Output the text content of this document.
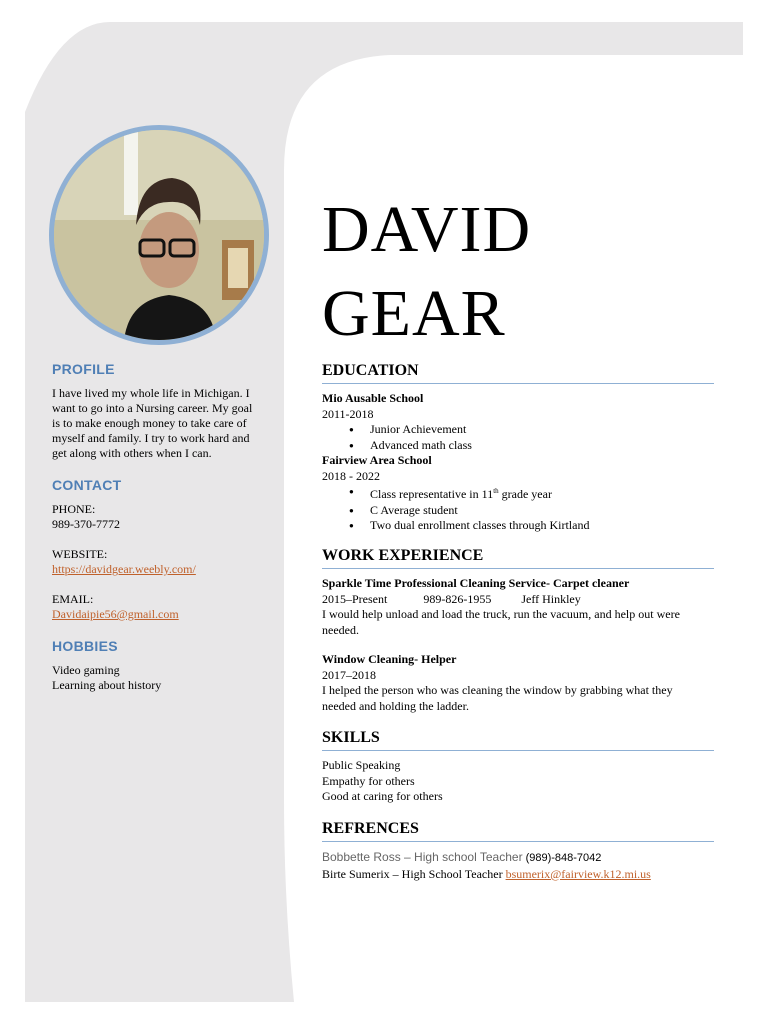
PROFILE
I have lived my whole life in Michigan. I
want to go into a Nursing career. My goal
is to make enough money to take care of
myself and family. I try to work hard and
get along with others when I can.
CONTACT
PHONE:
989-370-7772
WEBSITE:
https://davidgear.weebly.com/
EMAIL:
Davidaipie56@gmail.com
HOBBIES
Video gaming
Learning about history
DAVID
GEAR
EDUCATION
Mio Ausable School
2011-2018
● Junior Achievement
● Advanced math class
Fairview Area School
2018 - 2022
● Class representative in 11th grade year
● C Average student
● Two dual enrollment classes through Kirtland
WORK EXPERIENCE
Sparkle Time Professional Cleaning Service- Carpet cleaner
2015–Present	989-826-1955	Jeff Hinkley
I would help unload and load the truck, run the vacuum, and help out were
needed.
Window Cleaning- Helper
2017–2018
I helped the person who was cleaning the window by grabbing what they
needed and holding the ladder.
SKILLS
Public Speaking
Empathy for others
Good at caring for others
REFRENCES
Bobbette Ross – High school Teacher (989)-848-7042
Birte Sumerix – High School Teacher bsumerix@fairview.k12.mi.us
